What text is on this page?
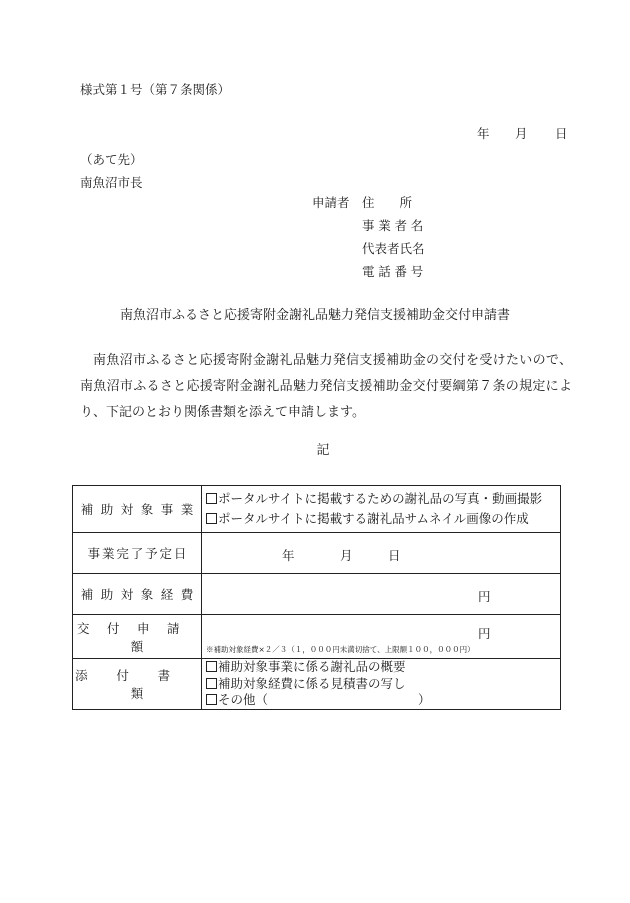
様式第１号（第７条関係）
年 月 日
（あて先）
南魚沼市長
申請者 住　　所
事業者名
代表者氏名
電話番号
南魚沼市ふるさと応援寄附金謝礼品魅力発信支援補助金交付申請書
南魚沼市ふるさと応援寄附金謝礼品魅力発信支援補助金の交付を受けたいので、南魚沼市ふるさと応援寄附金謝礼品魅力発信支援補助金交付要綱第７条の規定により、下記のとおり関係書類を添えて申請します。
記
補助対象事業	ポータルサイトに掲載するための謝礼品の写真・動画撮影
ポータルサイトに掲載する謝礼品サムネイル画像の作成

事業完了予定日	年 月 日

補助対象経費	円

交付申請額	円
※補助対象経費×２／３（１，０００円未満切捨て、上限額１００，０００円）

添付書類	補助対象事業に係る謝礼品の概要
補助対象経費に係る見積書の写し
その他（　　　　　　　　　　　　）
